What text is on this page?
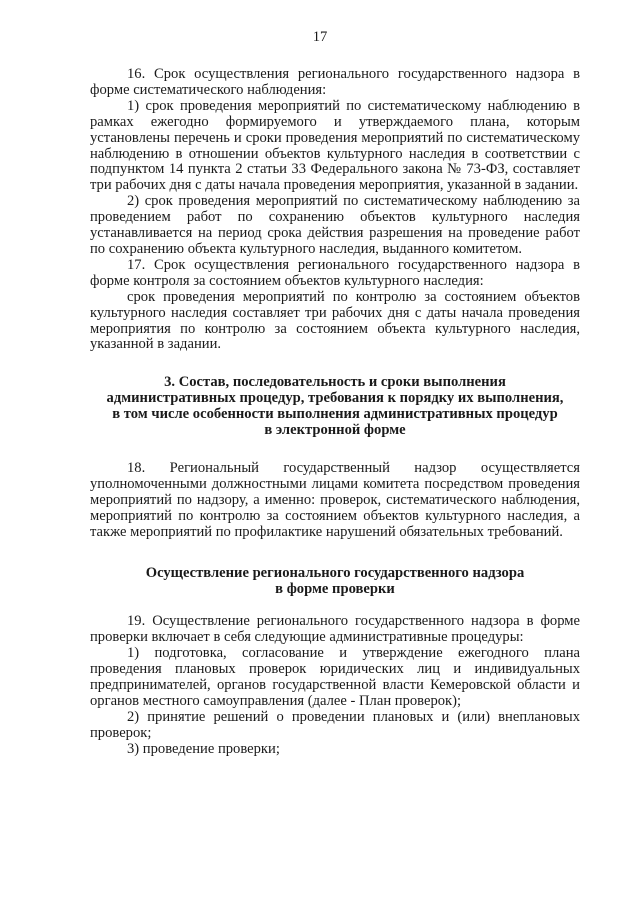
17

16. Срок осуществления регионального государственного надзора в форме систематического наблюдения:

1) срок проведения мероприятий по систематическому наблюдению в рамках ежегодно формируемого и утверждаемого плана, которым установлены перечень и сроки проведения мероприятий по систематическому наблюдению в отношении объектов культурного наследия в соответствии с подпунктом 14 пункта 2 статьи 33 Федерального закона № 73-ФЗ, составляет три рабочих дня с даты начала проведения мероприятия, указанной в задании.

2) срок проведения мероприятий по систематическому наблюдению за проведением работ по сохранению объектов культурного наследия устанавливается на период срока действия разрешения на проведение работ по сохранению объекта культурного наследия, выданного комитетом.

17. Срок осуществления регионального государственного надзора в форме контроля за состоянием объектов культурного наследия:

срок проведения мероприятий по контролю за состоянием объектов культурного наследия составляет три рабочих дня с даты начала проведения мероприятия по контролю за состоянием объекта культурного наследия, указанной в задании.

3. Состав, последовательность и сроки выполнения
административных процедур, требования к порядку их выполнения,
в том числе особенности выполнения административных процедур
в электронной форме

18. Региональный государственный надзор осуществляется уполномоченными должностными лицами комитета посредством проведения мероприятий по надзору, а именно: проверок, систематического наблюдения, мероприятий по контролю за состоянием объектов культурного наследия, а также мероприятий по профилактике нарушений обязательных требований.

Осуществление регионального государственного надзора
в форме проверки

19. Осуществление регионального государственного надзора в форме проверки включает в себя следующие административные процедуры:

1) подготовка, согласование и утверждение ежегодного плана проведения плановых проверок юридических лиц и индивидуальных предпринимателей, органов государственной власти Кемеровской области и органов местного самоуправления (далее - План проверок);

2) принятие решений о проведении плановых и (или) внеплановых проверок;

3) проведение проверки;
